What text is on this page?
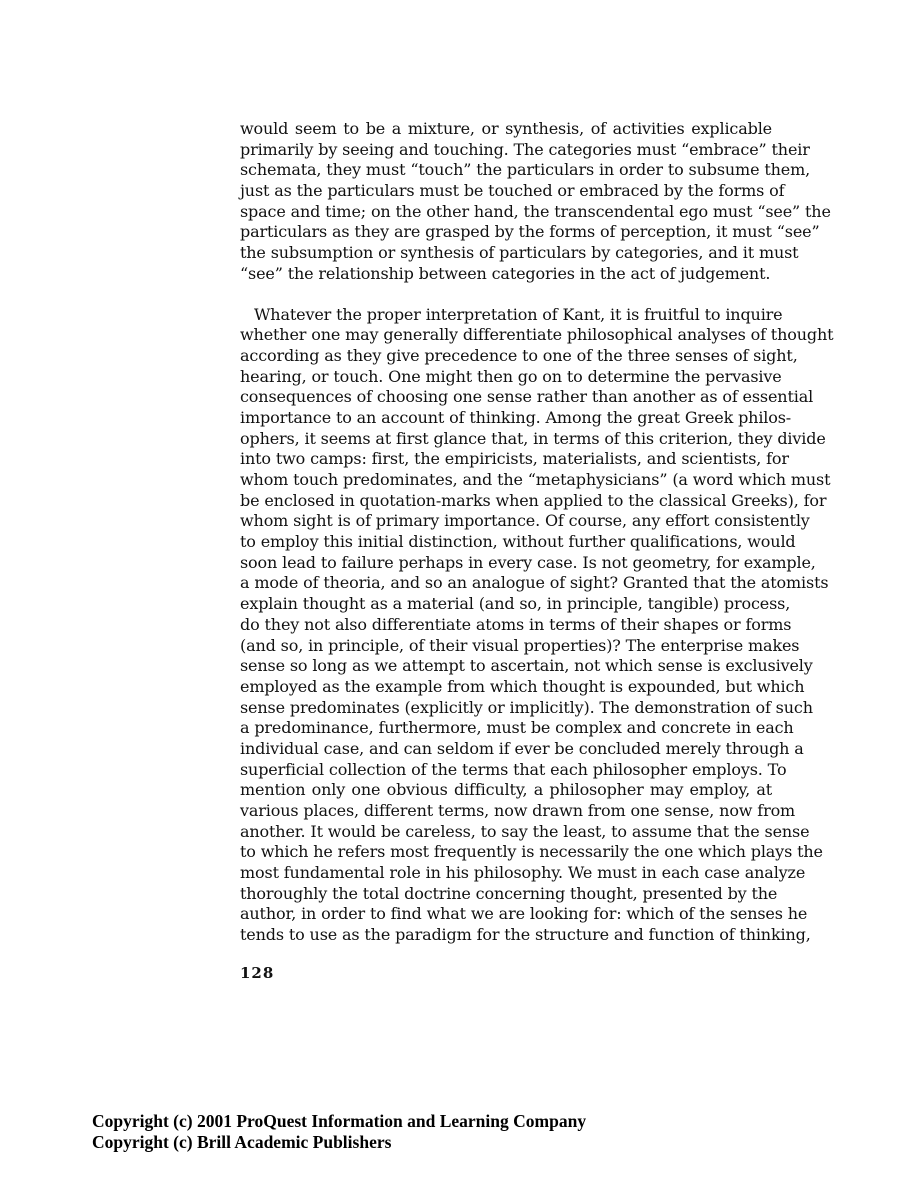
would seem to be a mixture, or synthesis, of activities explicable
primarily by seeing and touching. The categories must “embrace” their
schemata, they must “touch” the particulars in order to subsume them,
just as the particulars must be touched or embraced by the forms of
space and time; on the other hand, the transcendental ego must “see” the
particulars as they are grasped by the forms of perception, it must “see”
the subsumption or synthesis of particulars by categories, and it must
“see” the relationship between categories in the act of judgement.
Whatever the proper interpretation of Kant, it is fruitful to inquire
whether one may generally differentiate philosophical analyses of thought
according as they give precedence to one of the three senses of sight,
hearing, or touch. One might then go on to determine the pervasive
consequences of choosing one sense rather than another as of essential
importance to an account of thinking. Among the great Greek philos-
ophers, it seems at first glance that, in terms of this criterion, they divide
into two camps: first, the empiricists, materialists, and scientists, for
whom touch predominates, and the “metaphysicians” (a word which must
be enclosed in quotation-marks when applied to the classical Greeks), for
whom sight is of primary importance. Of course, any effort consistently
to employ this initial distinction, without further qualifications, would
soon lead to failure perhaps in every case. Is not geometry, for example,
a mode of theoria, and so an analogue of sight? Granted that the atomists
explain thought as a material (and so, in principle, tangible) process,
do they not also differentiate atoms in terms of their shapes or forms
(and so, in principle, of their visual properties)? The enterprise makes
sense so long as we attempt to ascertain, not which sense is exclusively
employed as the example from which thought is expounded, but which
sense predominates (explicitly or implicitly). The demonstration of such
a predominance, furthermore, must be complex and concrete in each
individual case, and can seldom if ever be concluded merely through a
superficial collection of the terms that each philosopher employs. To
mention only one obvious difficulty, a philosopher may employ, at
various places, different terms, now drawn from one sense, now from
another. It would be careless, to say the least, to assume that the sense
to which he refers most frequently is necessarily the one which plays the
most fundamental role in his philosophy. We must in each case analyze
thoroughly the total doctrine concerning thought, presented by the
author, in order to find what we are looking for: which of the senses he
tends to use as the paradigm for the structure and function of thinking,
128
Copyright (c) 2001 ProQuest Information and Learning Company
Copyright (c) Brill Academic Publishers
